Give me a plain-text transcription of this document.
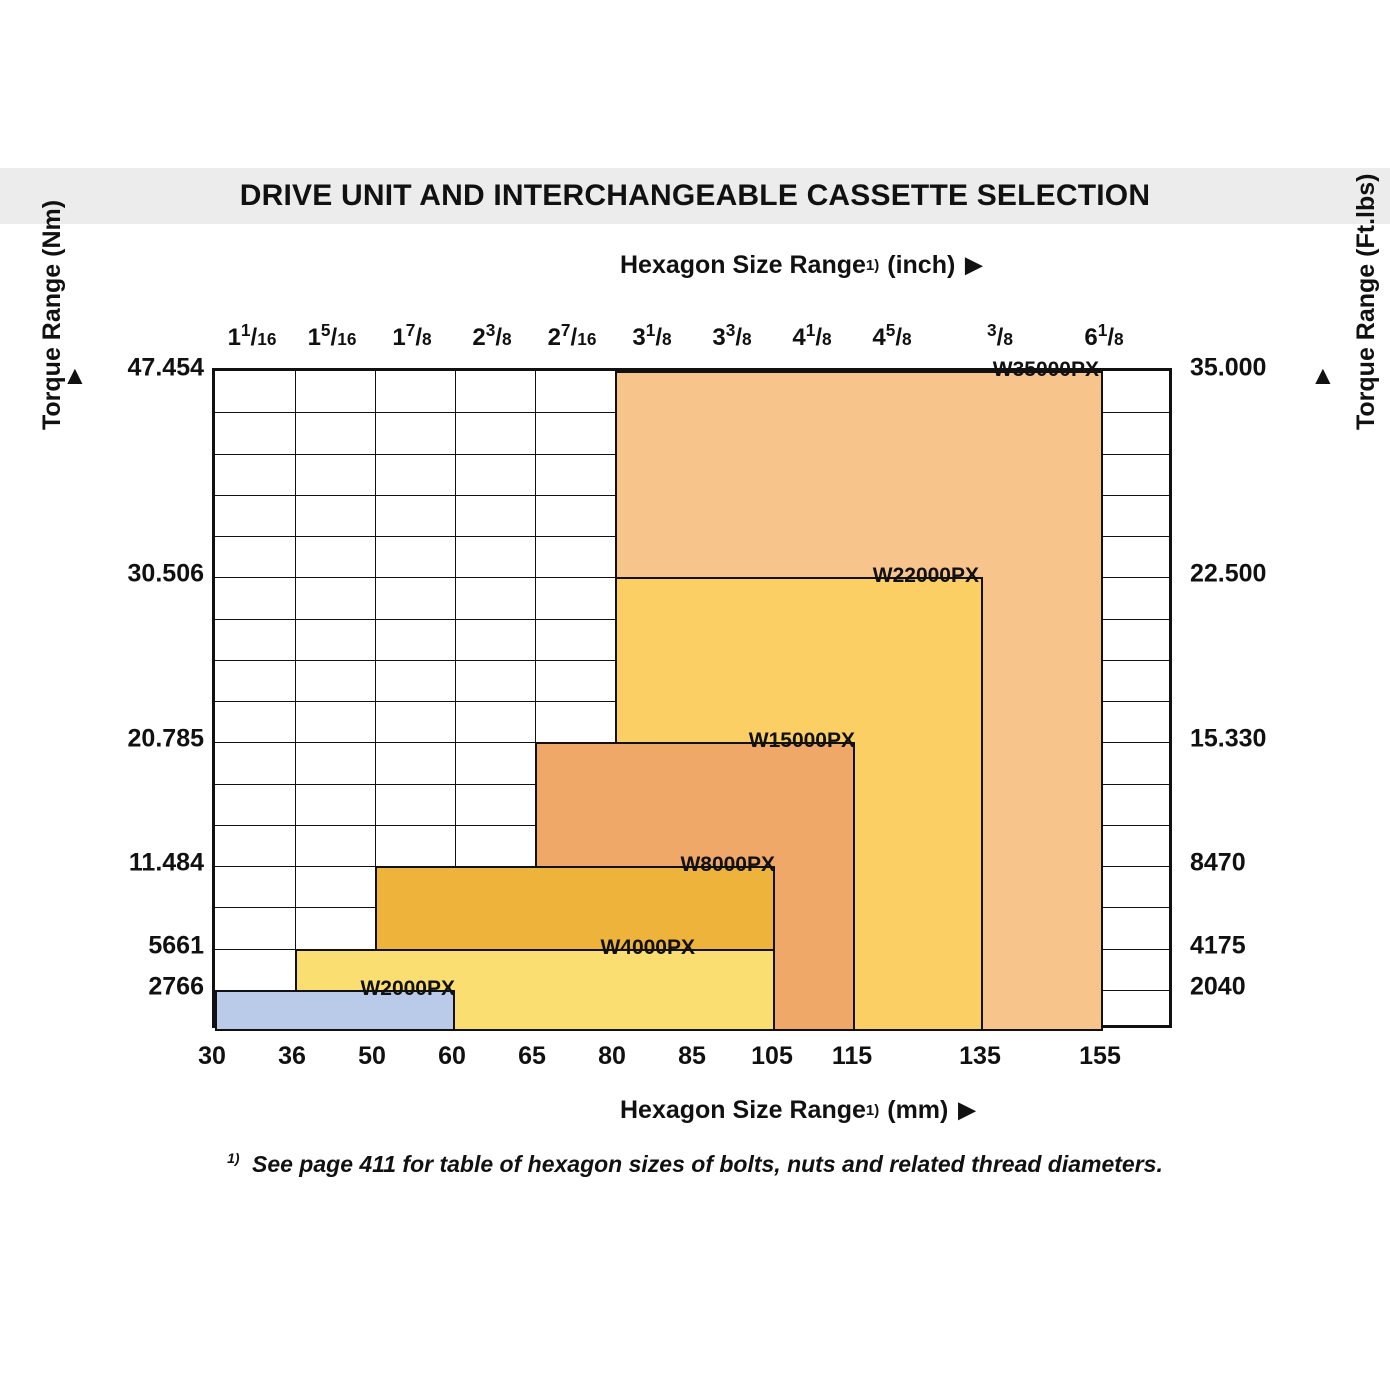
DRIVE UNIT AND INTERCHANGEABLE CASSETTE SELECTION
Hexagon Size Range 1) (inch) ▶
▲
Torque Range (Nm)	▲ Torque Range (Ft.lbs)
W35000PX
W22000PX
W15000PX
W8000PX
W4000PX
W2000PX
30 36 50 60 65 80 85 105 115	135	155
$1^1/16$ $1^5/16$ $1^7/8$ $2^3/8$ $2^7/16$ $3^1/8$ $3^3/8$ $4^1/8$ $4^5/8$	$^3$/8	$6^1/8$
47.454
30.506
20.785
11.484
5661
2766
35.000
22.500
15.330
8470
4175
2040
Hexagon Size Range 1) (mm) ▶
$^{1)}$ See page 411 for table of hexagon sizes of bolts, nuts and related thread diameters.
